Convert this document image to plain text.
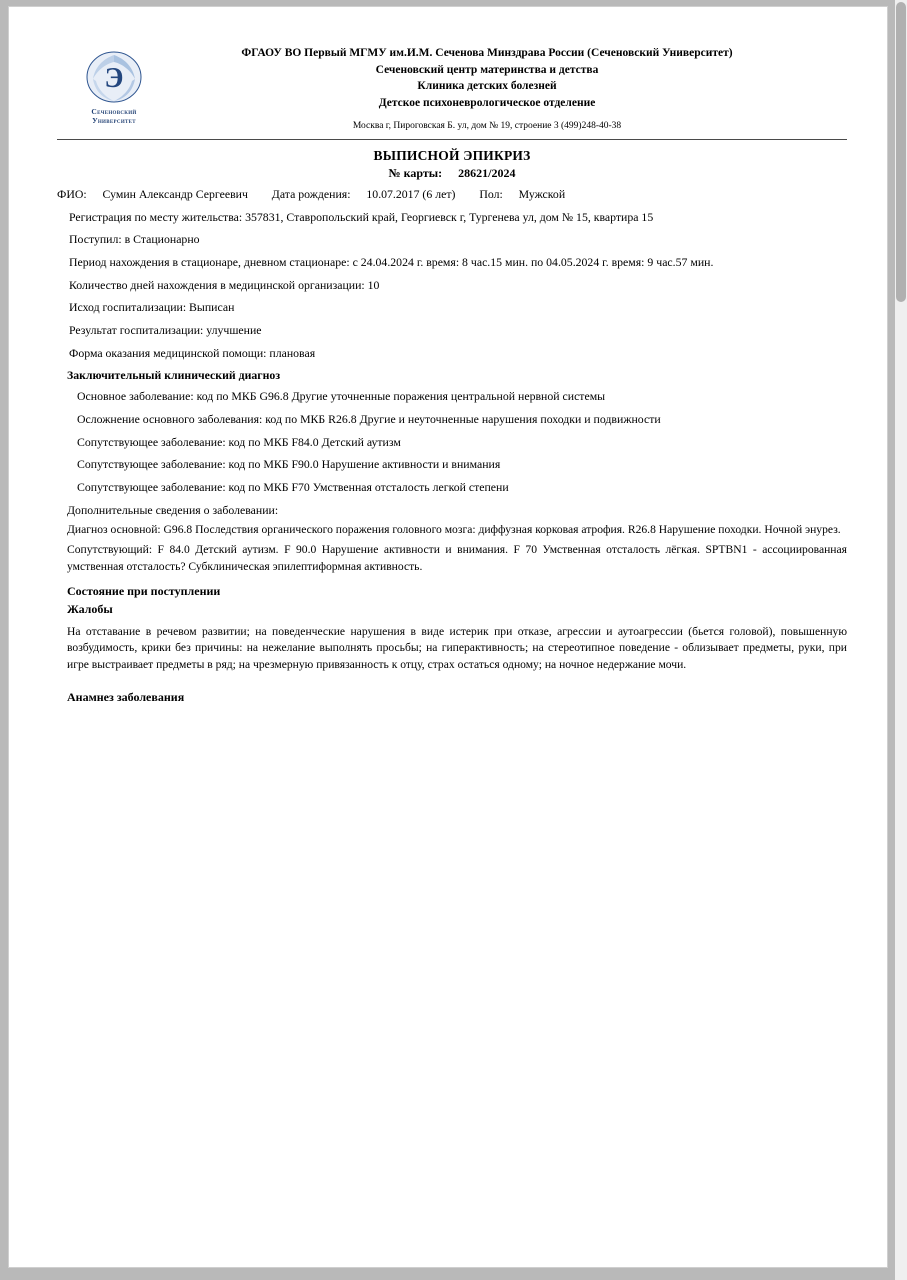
Э
Сеченовский
Университет
ФГАОУ ВО Первый МГМУ им.И.М. Сеченова Минздрава России (Сеченовский Университет)
Сеченовский центр материнства и детства
Клиника детских болезней
Детское психоневрологическое отделение
Москва г, Пироговская Б. ул, дом № 19, строение 3 (499)248-40-38
ВЫПИСНОЙ ЭПИКРИЗ
№ карты: 28621/2024
ФИО: Сумин Александр Сергеевич Дата рождения: 10.07.2017 (6 лет) Пол: Мужской
Регистрация по месту жительства: 357831, Ставропольский край, Георгиевск г, Тургенева ул, дом № 15, квартира 15
Поступил: в Стационарно
Период нахождения в стационаре, дневном стационаре: с 24.04.2024 г. время: 8 час.15 мин. по 04.05.2024 г. время: 9 час.57 мин.
Количество дней нахождения в медицинской организации: 10
Исход госпитализации: Выписан
Результат госпитализации: улучшение
Форма оказания медицинской помощи: плановая
Заключительный клинический диагноз
Основное заболевание: код по МКБ G96.8 Другие уточненные поражения центральной нервной системы
Осложнение основного заболевания: код по МКБ R26.8 Другие и неуточненные нарушения походки и подвижности
Сопутствующее заболевание: код по МКБ F84.0 Детский аутизм
Сопутствующее заболевание: код по МКБ F90.0 Нарушение активности и внимания
Сопутствующее заболевание: код по МКБ F70 Умственная отсталость легкой степени
Дополнительные сведения о заболевании:
Диагноз основной: G96.8 Последствия органического поражения головного мозга: диффузная корковая атрофия. R26.8 Нарушение походки. Ночной энурез.
Сопутствующий: F 84.0 Детский аутизм. F 90.0 Нарушение активности и внимания. F 70 Умственная отсталость лёгкая. SPTBN1 - ассоциированная умственная отсталость? Субклиническая эпилептиформная активность.
Состояние при поступлении
Жалобы
На отставание в речевом развитии; на поведенческие нарушения в виде истерик при отказе, агрессии и аутоагрессии (бьется головой), повышенную возбудимость, крики без причины: на нежелание выполнять просьбы; на гиперактивность; на стереотипное поведение - облизывает предметы, руки, при игре выстраивает предметы в ряд; на чрезмерную привязанность к отцу, страх остаться одному; на ночное недержание мочи.
Анамнез заболевания
